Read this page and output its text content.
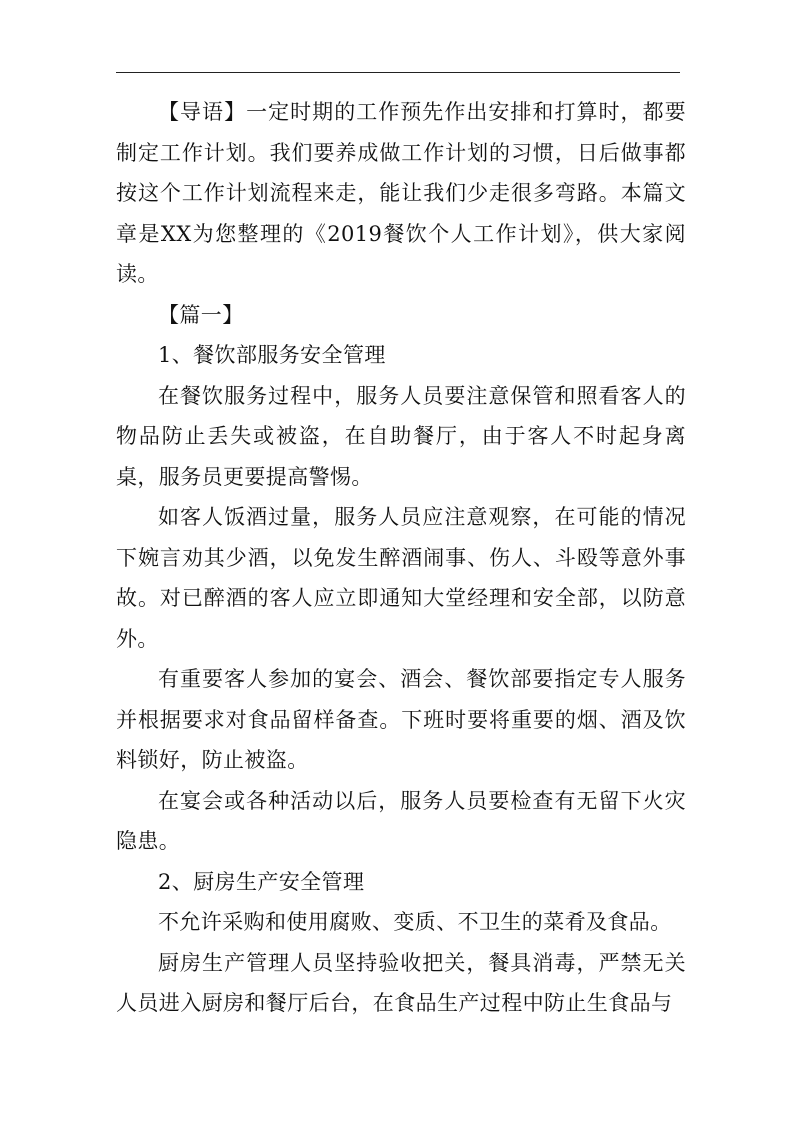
【导语】一定时期的工作预先作出安排和打算时，都要制定工作计划。我们要养成做工作计划的习惯，日后做事都按这个工作计划流程来走，能让我们少走很多弯路。本篇文章是XX为您整理的《2019餐饮个人工作计划》，供大家阅读。

【篇一】

1、餐饮部服务安全管理

在餐饮服务过程中，服务人员要注意保管和照看客人的物品防止丢失或被盗，在自助餐厅，由于客人不时起身离桌，服务员更要提高警惕。

如客人饭酒过量，服务人员应注意观察，在可能的情况下婉言劝其少酒，以免发生醉酒闹事、伤人、斗殴等意外事故。对已醉酒的客人应立即通知大堂经理和安全部，以防意外。

有重要客人参加的宴会、酒会、餐饮部要指定专人服务并根据要求对食品留样备查。下班时要将重要的烟、酒及饮料锁好，防止被盗。

在宴会或各种活动以后，服务人员要检查有无留下火灾隐患。

2、厨房生产安全管理

不允许采购和使用腐败、变质、不卫生的菜肴及食品。

厨房生产管理人员坚持验收把关，餐具消毒，严禁无关人员进入厨房和餐厅后台，在食品生产过程中防止生食品与
